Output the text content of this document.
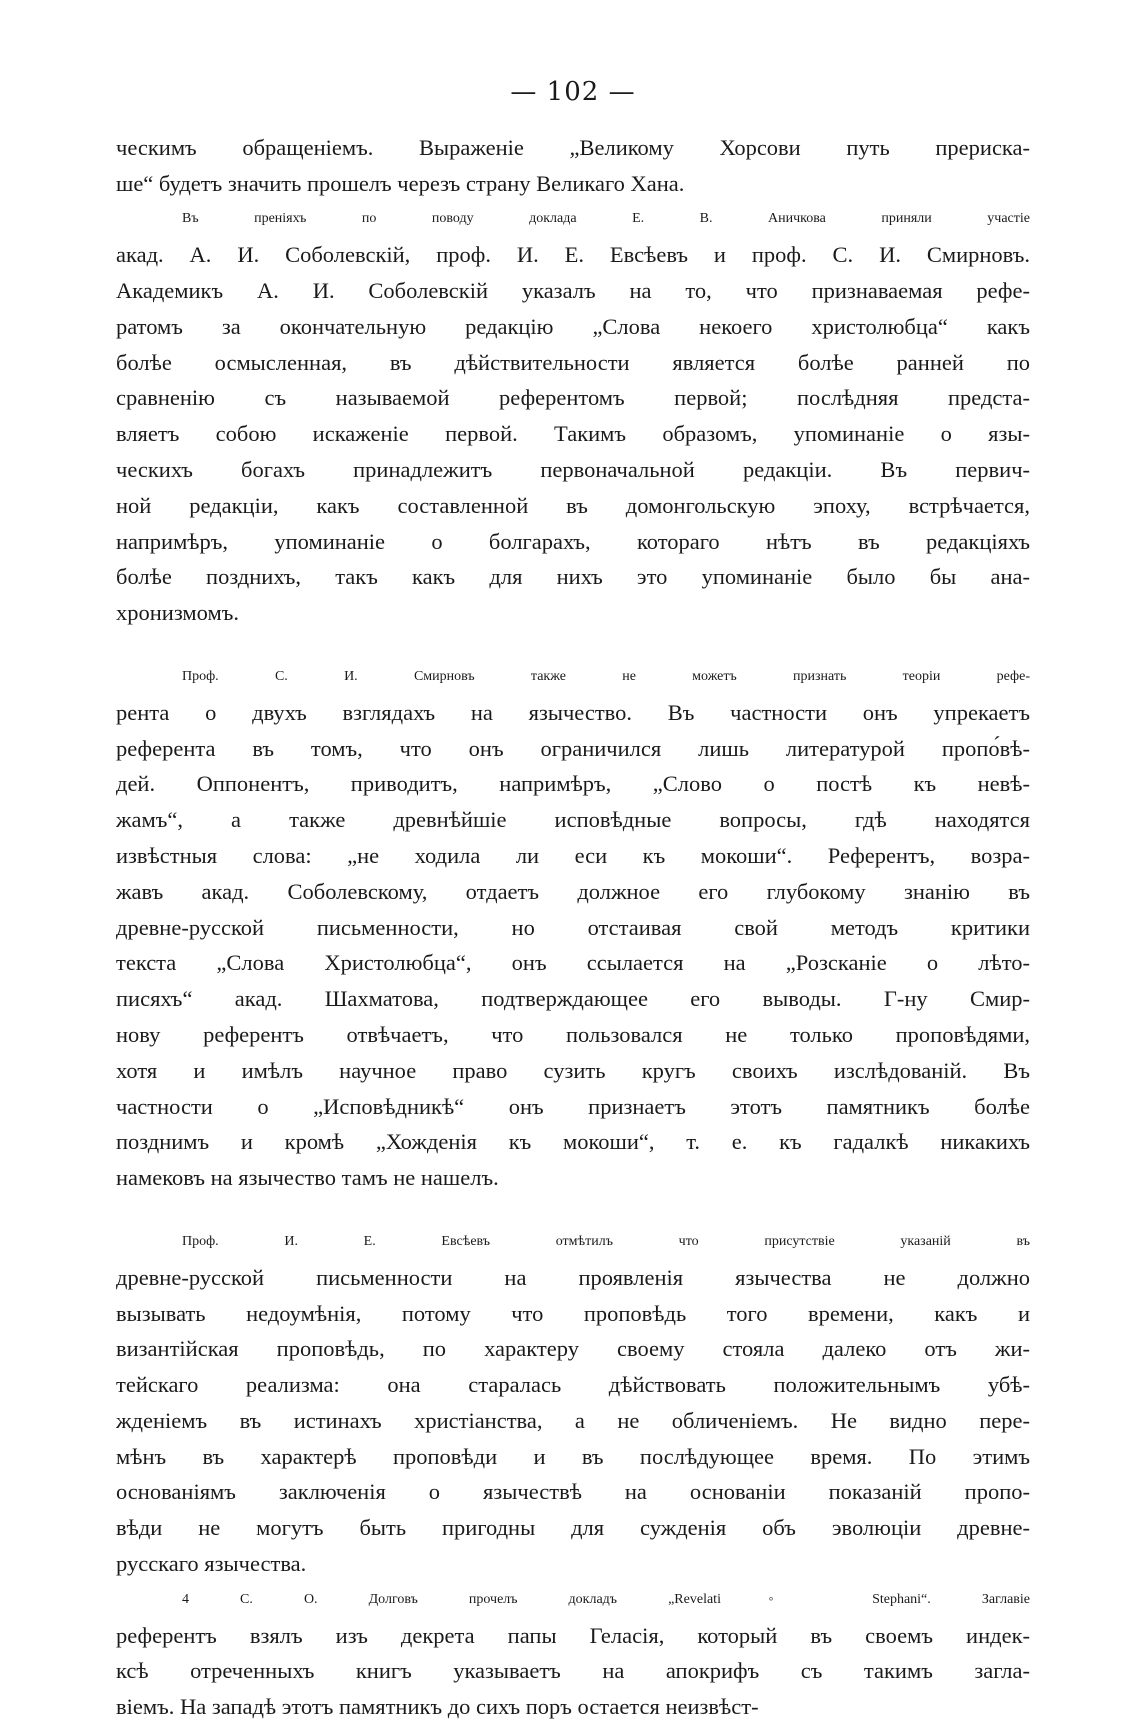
— 102 —
ческимъ обращеніемъ. Выраженіе „Великому Хорсови путь прериска-
ше“ будетъ значить прошелъ черезъ страну Великаго Хана.
Въ преніяхъ по поводу доклада Е. В. Аничкова приняли участіе
акад. А. И. Соболевскій, проф. И. Е. Евсѣевъ и проф. С. И. Смирновъ.
Академикъ А. И. Соболевскій указалъ на то, что признаваемая рефе-
ратомъ за окончательную редакцію „Слова некоего христолюбца“ какъ
болѣе осмысленная, въ дѣйствительности является болѣе ранней по
сравненію съ называемой референтомъ первой; послѣдняя предста-
вляетъ собою искаженіе первой. Такимъ образомъ, упоминаніе о язы-
ческихъ богахъ принадлежитъ первоначальной редакціи. Въ первич-
ной редакціи, какъ составленной въ домонгольскую эпоху, встрѣчается,
напримѣръ, упоминаніе о болгарахъ, котораго нѣтъ въ редакціяхъ
болѣе позднихъ, такъ какъ для нихъ это упоминаніе было бы ана-
хронизмомъ.
Проф. С. И. Смирновъ также не можетъ признать теоріи рефе-
рента о двухъ взглядахъ на язычество. Въ частности онъ упрекаетъ
референта въ томъ, что онъ ограничился лишь литературой пропо́вѣ-
дей. Оппонентъ, приводитъ, напримѣръ, „Слово о постѣ къ невѣ-
жамъ“, а также древнѣйшіе исповѣдные вопросы, гдѣ находятся
извѣстныя слова: „не ходила ли еси къ мокоши“. Референтъ, возра-
жавъ акад. Соболевскому, отдаетъ должное его глубокому знанію въ
древне-русской письменности, но отстаивая свой методъ критики
текста „Слова Христолюбца“, онъ ссылается на „Розсканіе о лѣто-
писяхъ“ акад. Шахматова, подтверждающее его выводы. Г-ну Смир-
нову референтъ отвѣчаетъ, что пользовался не только проповѣдями,
хотя и имѣлъ научное право сузить кругъ своихъ изслѣдованій. Въ
частности о „Исповѣдникѣ“ онъ признаетъ этотъ памятникъ болѣе
позднимъ и кромѣ „Хожденія къ мокоши“, т. е. къ гадалкѣ никакихъ
намековъ на язычество тамъ не нашелъ.
Проф. И. Е. Евсѣевъ отмѣтилъ что присутствіе указаній въ
древне-русской письменности на проявленія язычества не должно
вызывать недоумѣнія, потому что проповѣдь того времени, какъ и
византійская проповѣдь, по характеру своему стояла далеко отъ жи-
тейскаго реализма: она старалась дѣйствовать положительнымъ убѣ-
жденіемъ въ истинахъ христіанства, а не обличеніемъ. Не видно пере-
мѣнъ въ характерѣ проповѣди и въ послѣдующее время. По этимъ
основаніямъ заключенія о язычествѣ на основаніи показаній пропо-
вѣди не могутъ быть пригодны для сужденія объ эволюціи древне-
русскаго язычества.
4 С. О. Долговъ прочелъ докладъ „Revelati◦ Stephani“. Заглавіе
референтъ взялъ изъ декрета папы Геласія, который въ своемъ индек-
ксѣ отреченныхъ книгъ указываетъ на апокрифъ съ такимъ загла-
віемъ. На западѣ этотъ памятникъ до сихъ поръ остается неизвѣст-
